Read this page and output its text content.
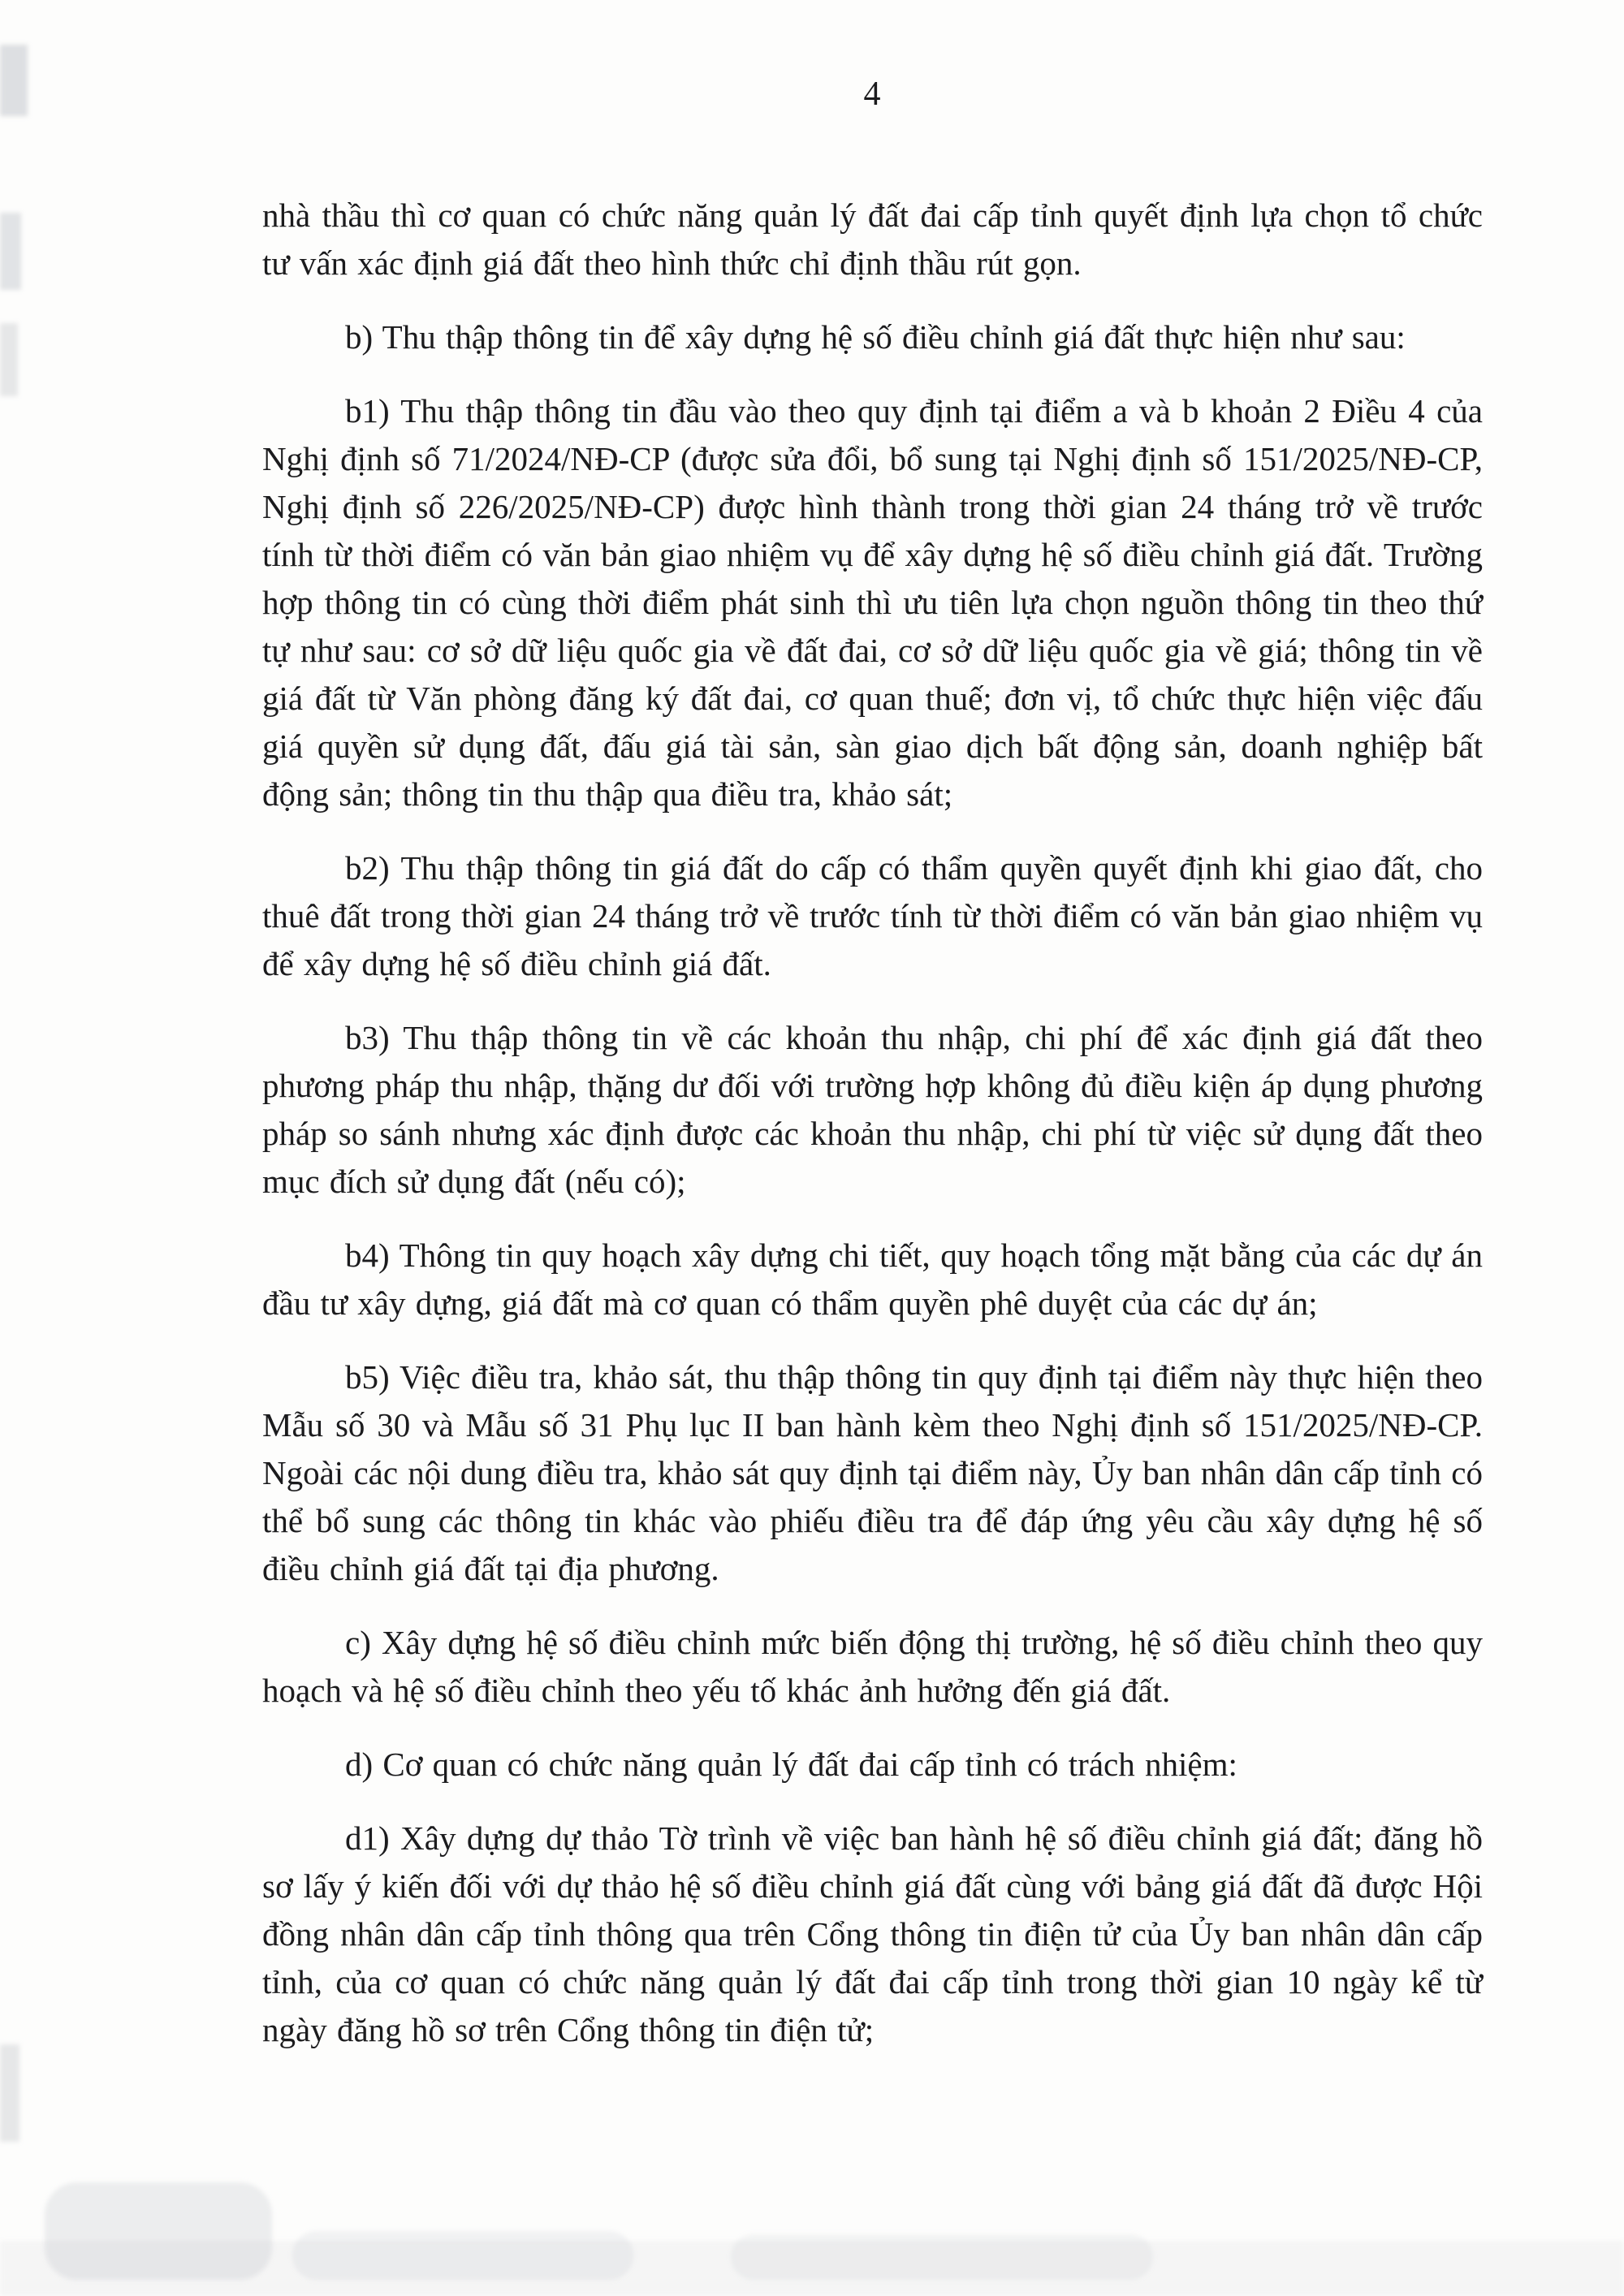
4

nhà thầu thì cơ quan có chức năng quản lý đất đai cấp tỉnh quyết định lựa chọn tổ chức tư vấn xác định giá đất theo hình thức chỉ định thầu rút gọn.

b) Thu thập thông tin để xây dựng hệ số điều chỉnh giá đất thực hiện như sau:

b1) Thu thập thông tin đầu vào theo quy định tại điểm a và b khoản 2 Điều 4 của Nghị định số 71/2024/NĐ-CP (được sửa đổi, bổ sung tại Nghị định số 151/2025/NĐ-CP, Nghị định số 226/2025/NĐ-CP) được hình thành trong thời gian 24 tháng trở về trước tính từ thời điểm có văn bản giao nhiệm vụ để xây dựng hệ số điều chỉnh giá đất. Trường hợp thông tin có cùng thời điểm phát sinh thì ưu tiên lựa chọn nguồn thông tin theo thứ tự như sau: cơ sở dữ liệu quốc gia về đất đai, cơ sở dữ liệu quốc gia về giá; thông tin về giá đất từ Văn phòng đăng ký đất đai, cơ quan thuế; đơn vị, tổ chức thực hiện việc đấu giá quyền sử dụng đất, đấu giá tài sản, sàn giao dịch bất động sản, doanh nghiệp bất động sản; thông tin thu thập qua điều tra, khảo sát;

b2) Thu thập thông tin giá đất do cấp có thẩm quyền quyết định khi giao đất, cho thuê đất trong thời gian 24 tháng trở về trước tính từ thời điểm có văn bản giao nhiệm vụ để xây dựng hệ số điều chỉnh giá đất.

b3) Thu thập thông tin về các khoản thu nhập, chi phí để xác định giá đất theo phương pháp thu nhập, thặng dư đối với trường hợp không đủ điều kiện áp dụng phương pháp so sánh nhưng xác định được các khoản thu nhập, chi phí từ việc sử dụng đất theo mục đích sử dụng đất (nếu có);

b4) Thông tin quy hoạch xây dựng chi tiết, quy hoạch tổng mặt bằng của các dự án đầu tư xây dựng, giá đất mà cơ quan có thẩm quyền phê duyệt của các dự án;

b5) Việc điều tra, khảo sát, thu thập thông tin quy định tại điểm này thực hiện theo Mẫu số 30 và Mẫu số 31 Phụ lục II ban hành kèm theo Nghị định số 151/2025/NĐ-CP. Ngoài các nội dung điều tra, khảo sát quy định tại điểm này, Ủy ban nhân dân cấp tỉnh có thể bổ sung các thông tin khác vào phiếu điều tra để đáp ứng yêu cầu xây dựng hệ số điều chỉnh giá đất tại địa phương.

c) Xây dựng hệ số điều chỉnh mức biến động thị trường, hệ số điều chỉnh theo quy hoạch và hệ số điều chỉnh theo yếu tố khác ảnh hưởng đến giá đất.

d) Cơ quan có chức năng quản lý đất đai cấp tỉnh có trách nhiệm:

d1) Xây dựng dự thảo Tờ trình về việc ban hành hệ số điều chỉnh giá đất; đăng hồ sơ lấy ý kiến đối với dự thảo hệ số điều chỉnh giá đất cùng với bảng giá đất đã được Hội đồng nhân dân cấp tỉnh thông qua trên Cổng thông tin điện tử của Ủy ban nhân dân cấp tỉnh, của cơ quan có chức năng quản lý đất đai cấp tỉnh trong thời gian 10 ngày kể từ ngày đăng hồ sơ trên Cổng thông tin điện tử;
